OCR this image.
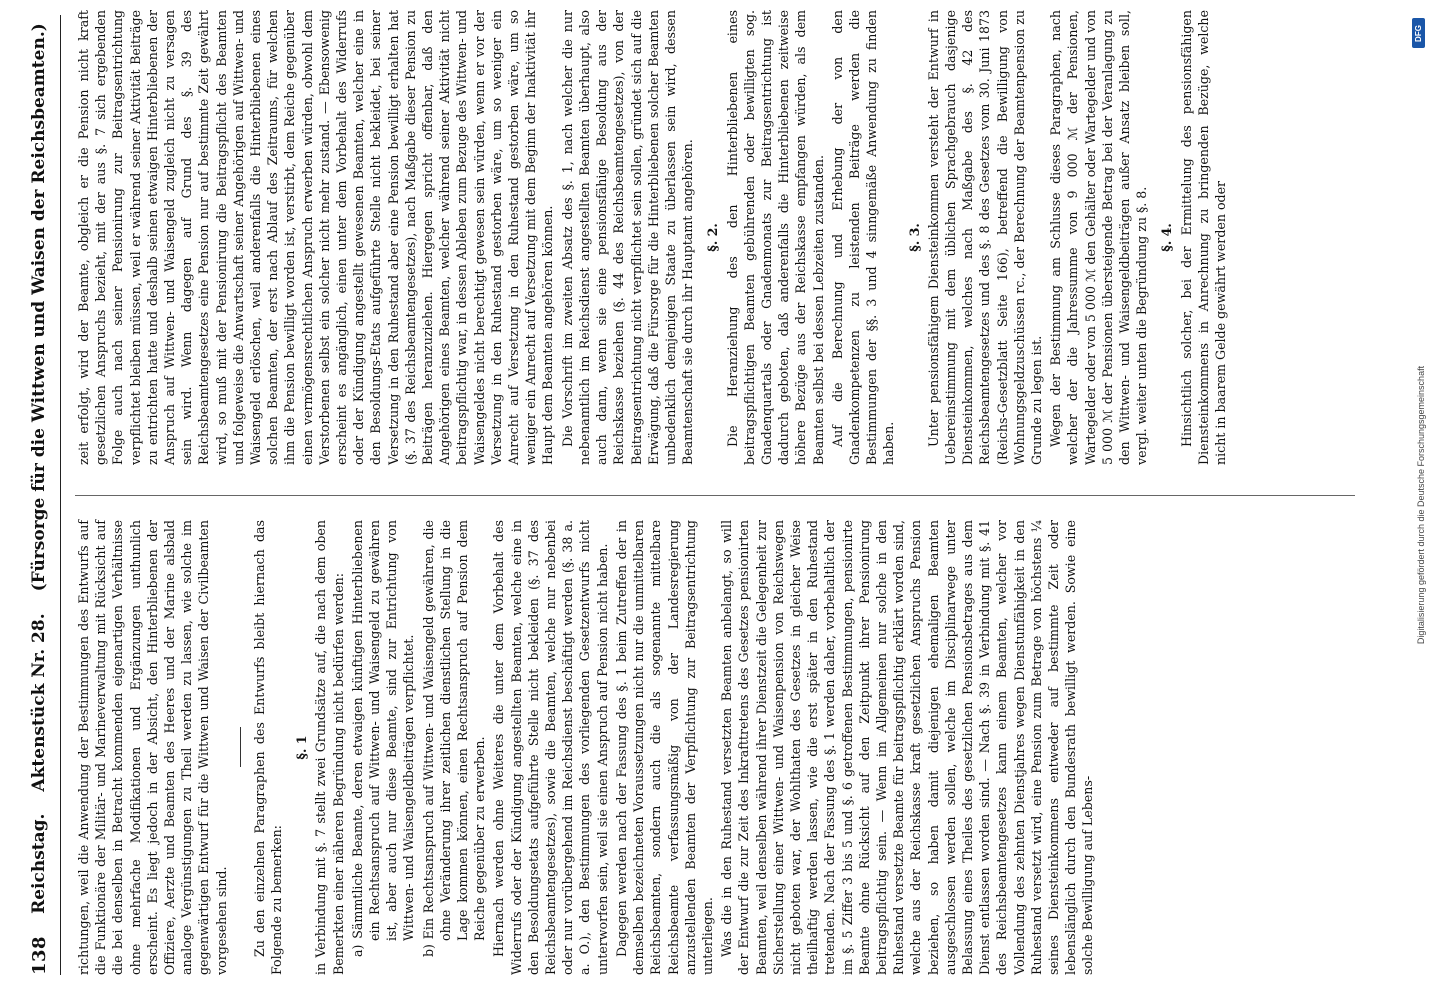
138
Reichstag.
Aktenstück Nr. 28.
(Fürsorge für die Wittwen und Waisen der Reichsbeamten.)

richtungen, weil die Anwendung der Bestimmungen des Entwurfs auf die Funktionäre der Militär- und Marineverwaltung mit Rücksicht auf die bei denselben in Betracht kommenden eigenartigen Verhältnisse ohne mehrfache Modifikationen und Ergänzungen unthunlich erscheint. Es liegt jedoch in der Absicht, den Hinterbliebenen der Offiziere, Aerzte und Beamten des Heeres und der Marine alsbald analoge Vergünstigungen zu Theil werden zu lassen, wie solche im gegenwärtigen Entwurf für die Wittwen und Waisen der Civilbeamten vorgesehen sind. Zu den einzelnen Paragraphen des Entwurfs bleibt hiernach das Folgende zu bemerken:

§. 1 in Verbindung mit §. 7 stellt zwei Grundsätze auf, die nach dem oben Bemerkten einer näheren Begründung nicht bedürfen werden: a) Sämmtliche Beamte, deren etwaigen künftigen Hinterbliebenen ein Rechtsanspruch auf Wittwen- und Waisengeld zu gewähren ist, aber auch nur diese Beamte, sind zur Entrichtung von Wittwen- und Waisengeldbeiträgen verpflichtet. b) Ein Rechtsanspruch auf Wittwen- und Waisengeld gewähren, die ohne Veränderung ihrer zeitlichen dienstlichen Stellung in die Lage kommen können, einen Rechtsanspruch auf Pension dem Reiche gegenüber zu erwerben. Hiernach werden ohne Weiteres die unter dem Vorbehalt des Widerrufs oder der Kündigung angestellten Beamten, welche eine in den Besoldungsetats aufgeführte Stelle nicht bekleiden (§. 37 des Reichsbeamtengesetzes), sowie die Beamten, welche nur nebenbei oder nur vorübergehend im Reichsdienst beschäftigt werden (§. 38 a. a. O.), den Bestimmungen des vorliegenden Gesetzentwurfs nicht unterworfen sein, weil sie einen Anspruch auf Pension nicht haben. Dagegen werden nach der Fassung des §. 1 beim Zutreffen der in demselben bezeichneten Voraussetzungen nicht nur die unmittelbaren Reichsbeamten, sondern auch die als sogenannte mittelbare Reichsbeamte verfassungsmäßig von der Landesregierung anzustellenden Beamten der Verpflichtung zur Beitragsentrichtung unterliegen. Was die in den Ruhestand versetzten Beamten anbelangt, so will der Entwurf die zur Zeit des Inkrafttretens des Gesetzes pensionirten Beamten, weil denselben während ihrer Dienstzeit die Gelegenheit zur Sicherstellung einer Wittwen- und Waisenpension von Reichswegen nicht geboten war, der Wohlthaten des Gesetzes in gleicher Weise theilhaftig werden lassen, wie die erst später in den Ruhestand tretenden. Nach der Fassung des §. 1 werden daher, vorbehaltlich der im §. 5 Ziffer 3 bis 5 und §. 6 getroffenen Bestimmungen, pensionirte Beamte ohne Rücksicht auf den Zeitpunkt ihrer Pensionirung beitragspflichtig sein. — Wenn im Allgemeinen nur solche in den Ruhestand versetzte Beamte für beitragspflichtig erklärt worden sind, welche aus der Reichskasse kraft gesetzlichen Anspruchs Pension beziehen, so haben damit diejenigen ehemaligen Beamten ausgeschlossen werden sollen, welche im Disciplinarwege unter Belassung eines Theiles des gesetzlichen Pensionsbetrages aus dem Dienst entlassen worden sind. — Nach §. 39 in Verbindung mit §. 41 des Reichsbeamtengesetzes kann einem Beamten, welcher vor Vollendung des zehnten Dienstjahres wegen Dienstunfähigkeit in den Ruhestand versetzt wird, eine Pension zum Betrage von höchstens ¼ seines Diensteinkommens entweder auf bestimmte Zeit oder lebenslänglich durch den Bundesrath bewilligt werden. Sowie eine solche Bewilligung auf Lebens-

zeit erfolgt, wird der Beamte, obgleich er die Pension nicht kraft gesetzlichen Anspruchs bezieht, mit der aus §. 7 sich ergebenden Folge auch nach seiner Pensionirung zur Beitragsentrichtung verpflichtet bleiben müssen, weil er während seiner Aktivität Beiträge zu entrichten hatte und deshalb seinen etwaigen Hinterbliebenen der Anspruch auf Wittwen- und Waisengeld zugleich nicht zu versagen sein wird. Wenn dagegen auf Grund des §. 39 des Reichsbeamtengesetzes eine Pension nur auf bestimmte Zeit gewährt wird, so muß mit der Pensionirung die Beitragspflicht des Beamten und folgeweise die Anwartschaft seiner Angehörigen auf Wittwen- und Waisengeld erlöschen, weil anderenfalls die Hinterbliebenen eines solchen Beamten, der erst nach Ablauf des Zeitraums, für welchen ihm die Pension bewilligt worden ist, verstirbt, dem Reiche gegenüber einen vermögensrechtlichen Anspruch erwerben würden, obwohl dem Verstorbenen selbst ein solcher nicht mehr zustand. — Ebensowenig erscheint es angänglich, einen unter dem Vorbehalt des Widerrufs oder der Kündigung angestellt gewesenen Beamten, welcher eine in den Besoldungs-Etats aufgeführte Stelle nicht bekleidet, bei seiner Versetzung in den Ruhestand aber eine Pension bewilligt erhalten hat (§. 37 des Reichsbeamtengesetzes), nach Maßgabe dieser Pension zu Beiträgen heranzuziehen. Hiergegen spricht offenbar, daß den Angehörigen eines Beamten, welcher während seiner Aktivität nicht beitragspflichtig war, in dessen Ableben zum Bezuge des Wittwen- und Waisengeldes nicht berechtigt gewesen sein würden, wenn er vor der Versetzung in den Ruhestand gestorben wäre, um so weniger ein Anrecht auf Versetzung in den Ruhestand gestorben wäre, um so weniger ein Anrecht auf Versetzung mit dem Beginn der Inaktivität ihr Haupt dem Beamten angehören können. Die Vorschrift im zweiten Absatz des §. 1, nach welcher die nur nebenamtlich im Reichsdienst angestellten Beamten überhaupt, also auch dann, wenn sie eine pensionsfähige Besoldung aus der Reichskasse beziehen (§. 44 des Reichsbeamtengesetzes), von der Beitragsentrichtung nicht verpflichtet sein sollen, gründet sich auf die Erwägung, daß die Fürsorge für die Hinterbliebenen solcher Beamten unbedenklich demjenigen Staate zu überlassen sein wird, dessen Beamtenschaft sie durch ihr Hauptamt angehören. §. 2. Die Heranziehung des den Hinterbliebenen eines beitragspflichtigen Beamten gebührenden oder bewilligten sog. Gnadenquartals oder Gnadenmonats zur Beitragsentrichtung ist dadurch geboten, daß anderenfalls die Hinterbliebenen zeitweise höhere Bezüge aus der Reichskasse empfangen würden, als dem Beamten selbst bei dessen Lebzeiten zustanden. Auf die Berechnung und Erhebung der von den Gnadenkompetenzen zu leistenden Beiträge werden die Bestimmungen der §§. 3 und 4 sinngemäße Anwendung zu finden haben.

§. 3. Unter pensionsfähigem Diensteinkommen versteht der Entwurf in Uebereinstimmung mit dem üblichen Sprachgebrauch dasjenige Diensteinkommen, welches nach Maßgabe des §. 42 des Reichsbeamtengesetzes und des §. 8 des Gesetzes vom 30. Juni 1873 (Reichs-Gesetzblatt Seite 166), betreffend die Bewilligung von Wohnungsgeldzuschüssen rc., der Berechnung der Beamtenpension zu Grunde zu legen ist. Wegen der Bestimmung am Schlusse dieses Paragraphen, nach welcher der die Jahressumme von 9 000 ℳ der Pensionen, Wartegelder oder von 5 000 ℳ den Gehälter oder Wartegelder und von 5 000 ℳ der Pensionen übersteigende Betrag bei der Veranlagung zu den Wittwen- und Waisengeldbeiträgen außer Ansatz bleiben soll, vergl. weiter unten die Begründung zu §. 8. §. 4. Hinsichtlich solcher, bei der Ermittelung des pensionsfähigen Diensteinkommens in Anrechnung zu bringenden Bezüge, welche nicht in baarem Gelde gewährt werden oder

DFG
Digitalisierung gefördert durch die Deutsche Forschungsgemeinschaft
